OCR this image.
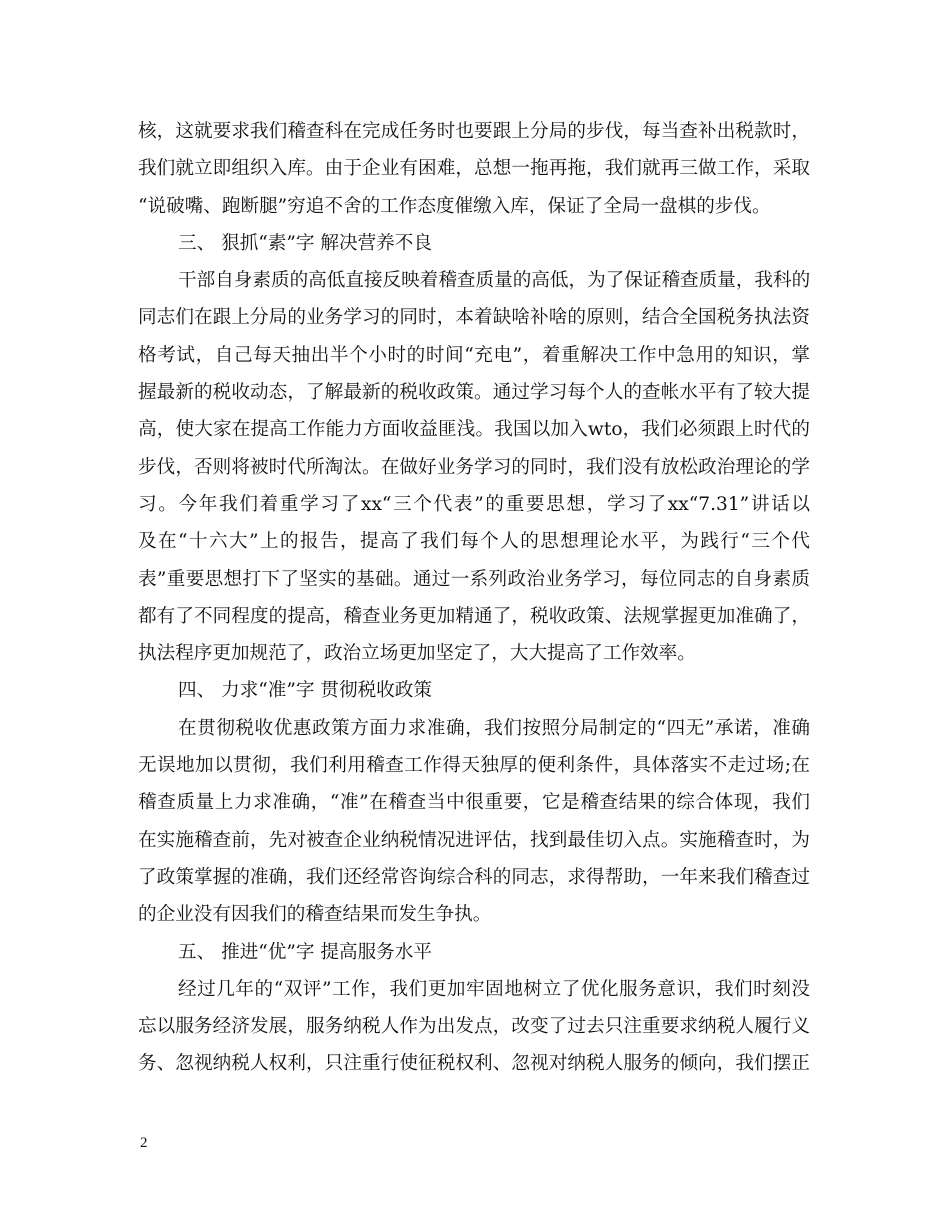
核，这就要求我们稽查科在完成任务时也要跟上分局的步伐，每当查补出税款时，
我们就立即组织入库。由于企业有困难，总想一拖再拖，我们就再三做工作，采取
“说破嘴、跑断腿”穷追不舍的工作态度催缴入库，保证了全局一盘棋的步伐。
三、 狠抓“素”字 解决营养不良
干部自身素质的高低直接反映着稽查质量的高低，为了保证稽查质量，我科的
同志们在跟上分局的业务学习的同时，本着缺啥补啥的原则，结合全国税务执法资
格考试，自己每天抽出半个小时的时间“充电”，着重解决工作中急用的知识，掌
握最新的税收动态，了解最新的税收政策。通过学习每个人的查帐水平有了较大提
高，使大家在提高工作能力方面收益匪浅。我国以加入wto，我们必须跟上时代的
步伐，否则将被时代所淘汰。在做好业务学习的同时，我们没有放松政治理论的学
习。今年我们着重学习了xx“三个代表”的重要思想，学习了xx“7.31”讲话以
及在“十六大”上的报告，提高了我们每个人的思想理论水平，为践行“三个代
表”重要思想打下了坚实的基础。通过一系列政治业务学习，每位同志的自身素质
都有了不同程度的提高，稽查业务更加精通了，税收政策、法规掌握更加准确了，
执法程序更加规范了，政治立场更加坚定了，大大提高了工作效率。
四、 力求“准”字 贯彻税收政策
在贯彻税收优惠政策方面力求准确，我们按照分局制定的“四无”承诺，准确
无误地加以贯彻，我们利用稽查工作得天独厚的便利条件，具体落实不走过场;在
稽查质量上力求准确，“准”在稽查当中很重要，它是稽查结果的综合体现，我们
在实施稽查前，先对被查企业纳税情况进评估，找到最佳切入点。实施稽查时，为
了政策掌握的准确，我们还经常咨询综合科的同志，求得帮助，一年来我们稽查过
的企业没有因我们的稽查结果而发生争执。
五、 推进“优”字 提高服务水平
经过几年的“双评”工作，我们更加牢固地树立了优化服务意识，我们时刻没
忘以服务经济发展，服务纳税人作为出发点，改变了过去只注重要求纳税人履行义
务、忽视纳税人权利，只注重行使征税权利、忽视对纳税人服务的倾向，我们摆正
2
